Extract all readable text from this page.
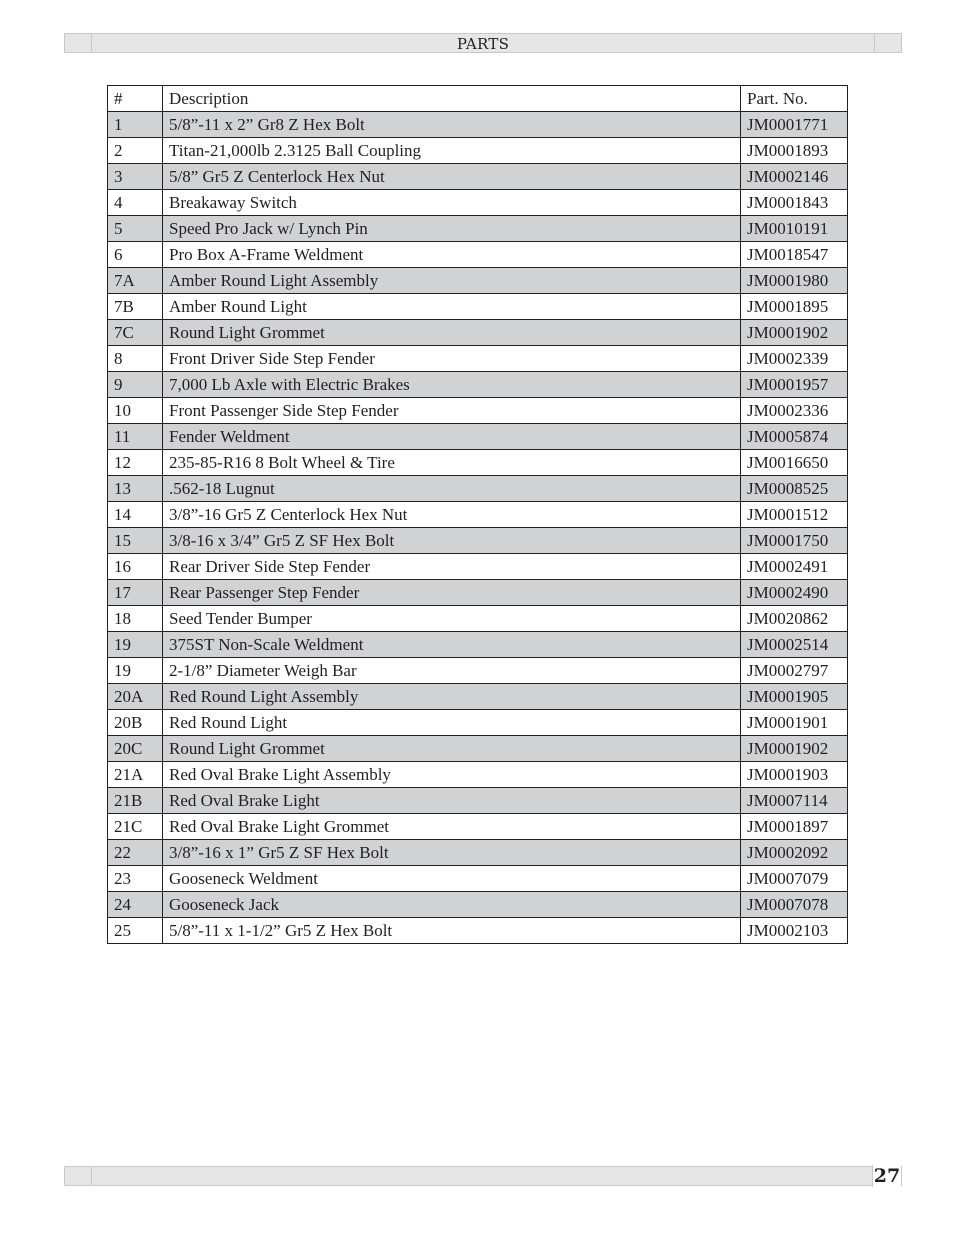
PARTS
#	Description	Part. No.
1	5/8”-11 x 2” Gr8 Z Hex Bolt	JM0001771
2	Titan-21,000lb 2.3125 Ball Coupling	JM0001893
3	5/8” Gr5 Z Centerlock Hex Nut	JM0002146
4	Breakaway Switch	JM0001843
5	Speed Pro Jack w/ Lynch Pin	JM0010191
6	Pro Box A-Frame Weldment	JM0018547
7A	Amber Round Light Assembly	JM0001980
7B	Amber Round Light	JM0001895
7C	Round Light Grommet	JM0001902
8	Front Driver Side Step Fender	JM0002339
9	7,000 Lb Axle with Electric Brakes	JM0001957
10	Front Passenger Side Step Fender	JM0002336
11	Fender Weldment	JM0005874
12	235-85-R16 8 Bolt Wheel & Tire	JM0016650
13	.562-18 Lugnut	JM0008525
14	3/8”-16 Gr5 Z Centerlock Hex Nut	JM0001512
15	3/8-16 x 3/4” Gr5 Z SF Hex Bolt	JM0001750
16	Rear Driver Side Step Fender	JM0002491
17	Rear Passenger Step Fender	JM0002490
18	Seed Tender Bumper	JM0020862
19	375ST Non-Scale Weldment	JM0002514
19	2-1/8” Diameter Weigh Bar	JM0002797
20A	Red Round Light Assembly	JM0001905
20B	Red Round Light	JM0001901
20C	Round Light Grommet	JM0001902
21A	Red Oval Brake Light Assembly	JM0001903
21B	Red Oval Brake Light	JM0007114
21C	Red Oval Brake Light Grommet	JM0001897
22	3/8”-16 x 1” Gr5 Z SF Hex Bolt	JM0002092
23	Gooseneck Weldment	JM0007079
24	Gooseneck Jack	JM0007078
25	5/8”-11 x 1-1/2” Gr5 Z Hex Bolt	JM0002103
27
